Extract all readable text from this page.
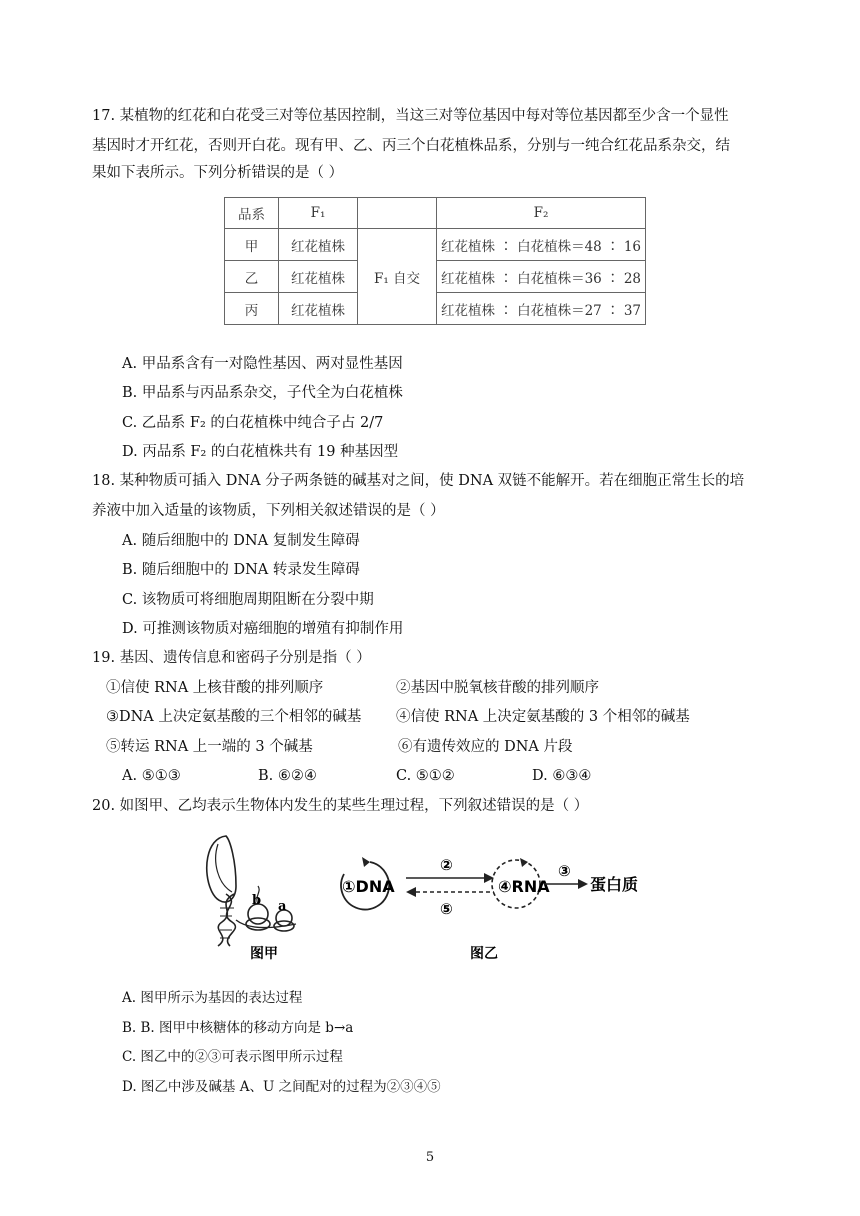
17. 某植物的红花和白花受三对等位基因控制，当这三对等位基因中每对等位基因都至少含一个显性
基因时才开红花，否则开白花。现有甲、乙、丙三个白花植株品系，分别与一纯合红花品系杂交，结
果如下表所示。下列分析错误的是（ ）
品系	F₁		F₂
甲	红花植株	F₁ 自交	红花植株 ∶ 白花植株＝48 ∶ 16
乙	红花植株		红花植株 ∶ 白花植株＝36 ∶ 28
丙	红花植株		红花植株 ∶ 白花植株＝27 ∶ 37
A. 甲品系含有一对隐性基因、两对显性基因
B. 甲品系与丙品系杂交，子代全为白花植株
C. 乙品系 F₂ 的白花植株中纯合子占 2/7
D. 丙品系 F₂ 的白花植株共有 19 种基因型
18. 某种物质可插入 DNA 分子两条链的碱基对之间，使 DNA 双链不能解开。若在细胞正常生长的培
养液中加入适量的该物质，下列相关叙述错误的是（ ）
A. 随后细胞中的 DNA 复制发生障碍
B. 随后细胞中的 DNA 转录发生障碍
C. 该物质可将细胞周期阻断在分裂中期
D. 可推测该物质对癌细胞的增殖有抑制作用
19. 基因、遗传信息和密码子分别是指（ ）
①信使 RNA 上核苷酸的排列顺序	②基因中脱氧核苷酸的排列顺序
③DNA 上决定氨基酸的三个相邻的碱基 ④信使 RNA 上决定氨基酸的 3 个相邻的碱基
⑤转运 RNA 上一端的 3 个碱基	⑥有遗传效应的 DNA 片段
A. ⑤①③	B. ⑥②④	C. ⑤①②	D. ⑥③④
20. 如图甲、乙均表示生物体内发生的某些生理过程，下列叙述错误的是（ ）
b a
图甲
①DNA
②
⑤
④RNA
③
蛋白质
图乙
A. 图甲所示为基因的表达过程
B. B. 图甲中核糖体的移动方向是 b→a
C. 图乙中的②③可表示图甲所示过程
D. 图乙中涉及碱基 A、U 之间配对的过程为②③④⑤
5
